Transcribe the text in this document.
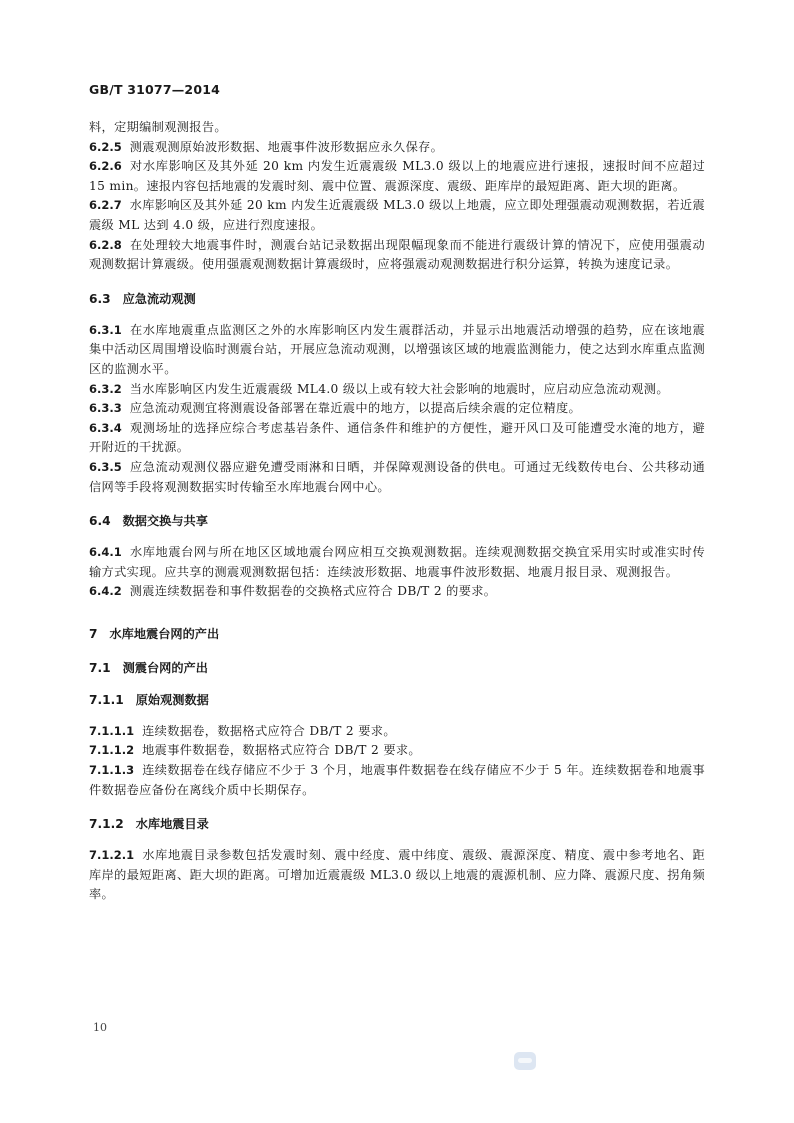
GB/T 31077—2014

料，定期编制观测报告。

6.2.5 测震观测原始波形数据、地震事件波形数据应永久保存。

6.2.6 对水库影响区及其外延 20 km 内发生近震震级 ML3.0 级以上的地震应进行速报，速报时间不应超过 15 min。速报内容包括地震的发震时刻、震中位置、震源深度、震级、距库岸的最短距离、距大坝的距离。

6.2.7 水库影响区及其外延 20 km 内发生近震震级 ML3.0 级以上地震，应立即处理强震动观测数据，若近震震级 ML 达到 4.0 级，应进行烈度速报。

6.2.8 在处理较大地震事件时，测震台站记录数据出现限幅现象而不能进行震级计算的情况下，应使用强震动观测数据计算震级。使用强震观测数据计算震级时，应将强震动观测数据进行积分运算，转换为速度记录。

6.3 应急流动观测

6.3.1 在水库地震重点监测区之外的水库影响区内发生震群活动，并显示出地震活动增强的趋势，应在该地震集中活动区周围增设临时测震台站，开展应急流动观测，以增强该区域的地震监测能力，使之达到水库重点监测区的监测水平。

6.3.2 当水库影响区内发生近震震级 ML4.0 级以上或有较大社会影响的地震时，应启动应急流动观测。

6.3.3 应急流动观测宜将测震设备部署在靠近震中的地方，以提高后续余震的定位精度。

6.3.4 观测场址的选择应综合考虑基岩条件、通信条件和维护的方便性，避开风口及可能遭受水淹的地方，避开附近的干扰源。

6.3.5 应急流动观测仪器应避免遭受雨淋和日晒，并保障观测设备的供电。可通过无线数传电台、公共移动通信网等手段将观测数据实时传输至水库地震台网中心。

6.4 数据交换与共享

6.4.1 水库地震台网与所在地区区域地震台网应相互交换观测数据。连续观测数据交换宜采用实时或准实时传输方式实现。应共享的测震观测数据包括：连续波形数据、地震事件波形数据、地震月报目录、观测报告。

6.4.2 测震连续数据卷和事件数据卷的交换格式应符合 DB/T 2 的要求。

7 水库地震台网的产出
7.1 测震台网的产出
7.1.1 原始观测数据

7.1.1.1 连续数据卷，数据格式应符合 DB/T 2 要求。

7.1.1.2 地震事件数据卷，数据格式应符合 DB/T 2 要求。

7.1.1.3 连续数据卷在线存储应不少于 3 个月，地震事件数据卷在线存储应不少于 5 年。连续数据卷和地震事件数据卷应备份在离线介质中长期保存。

7.1.2 水库地震目录

7.1.2.1 水库地震目录参数包括发震时刻、震中经度、震中纬度、震级、震源深度、精度、震中参考地名、距库岸的最短距离、距大坝的距离。可增加近震震级 ML3.0 级以上地震的震源机制、应力降、震源尺度、拐角频率。

10
